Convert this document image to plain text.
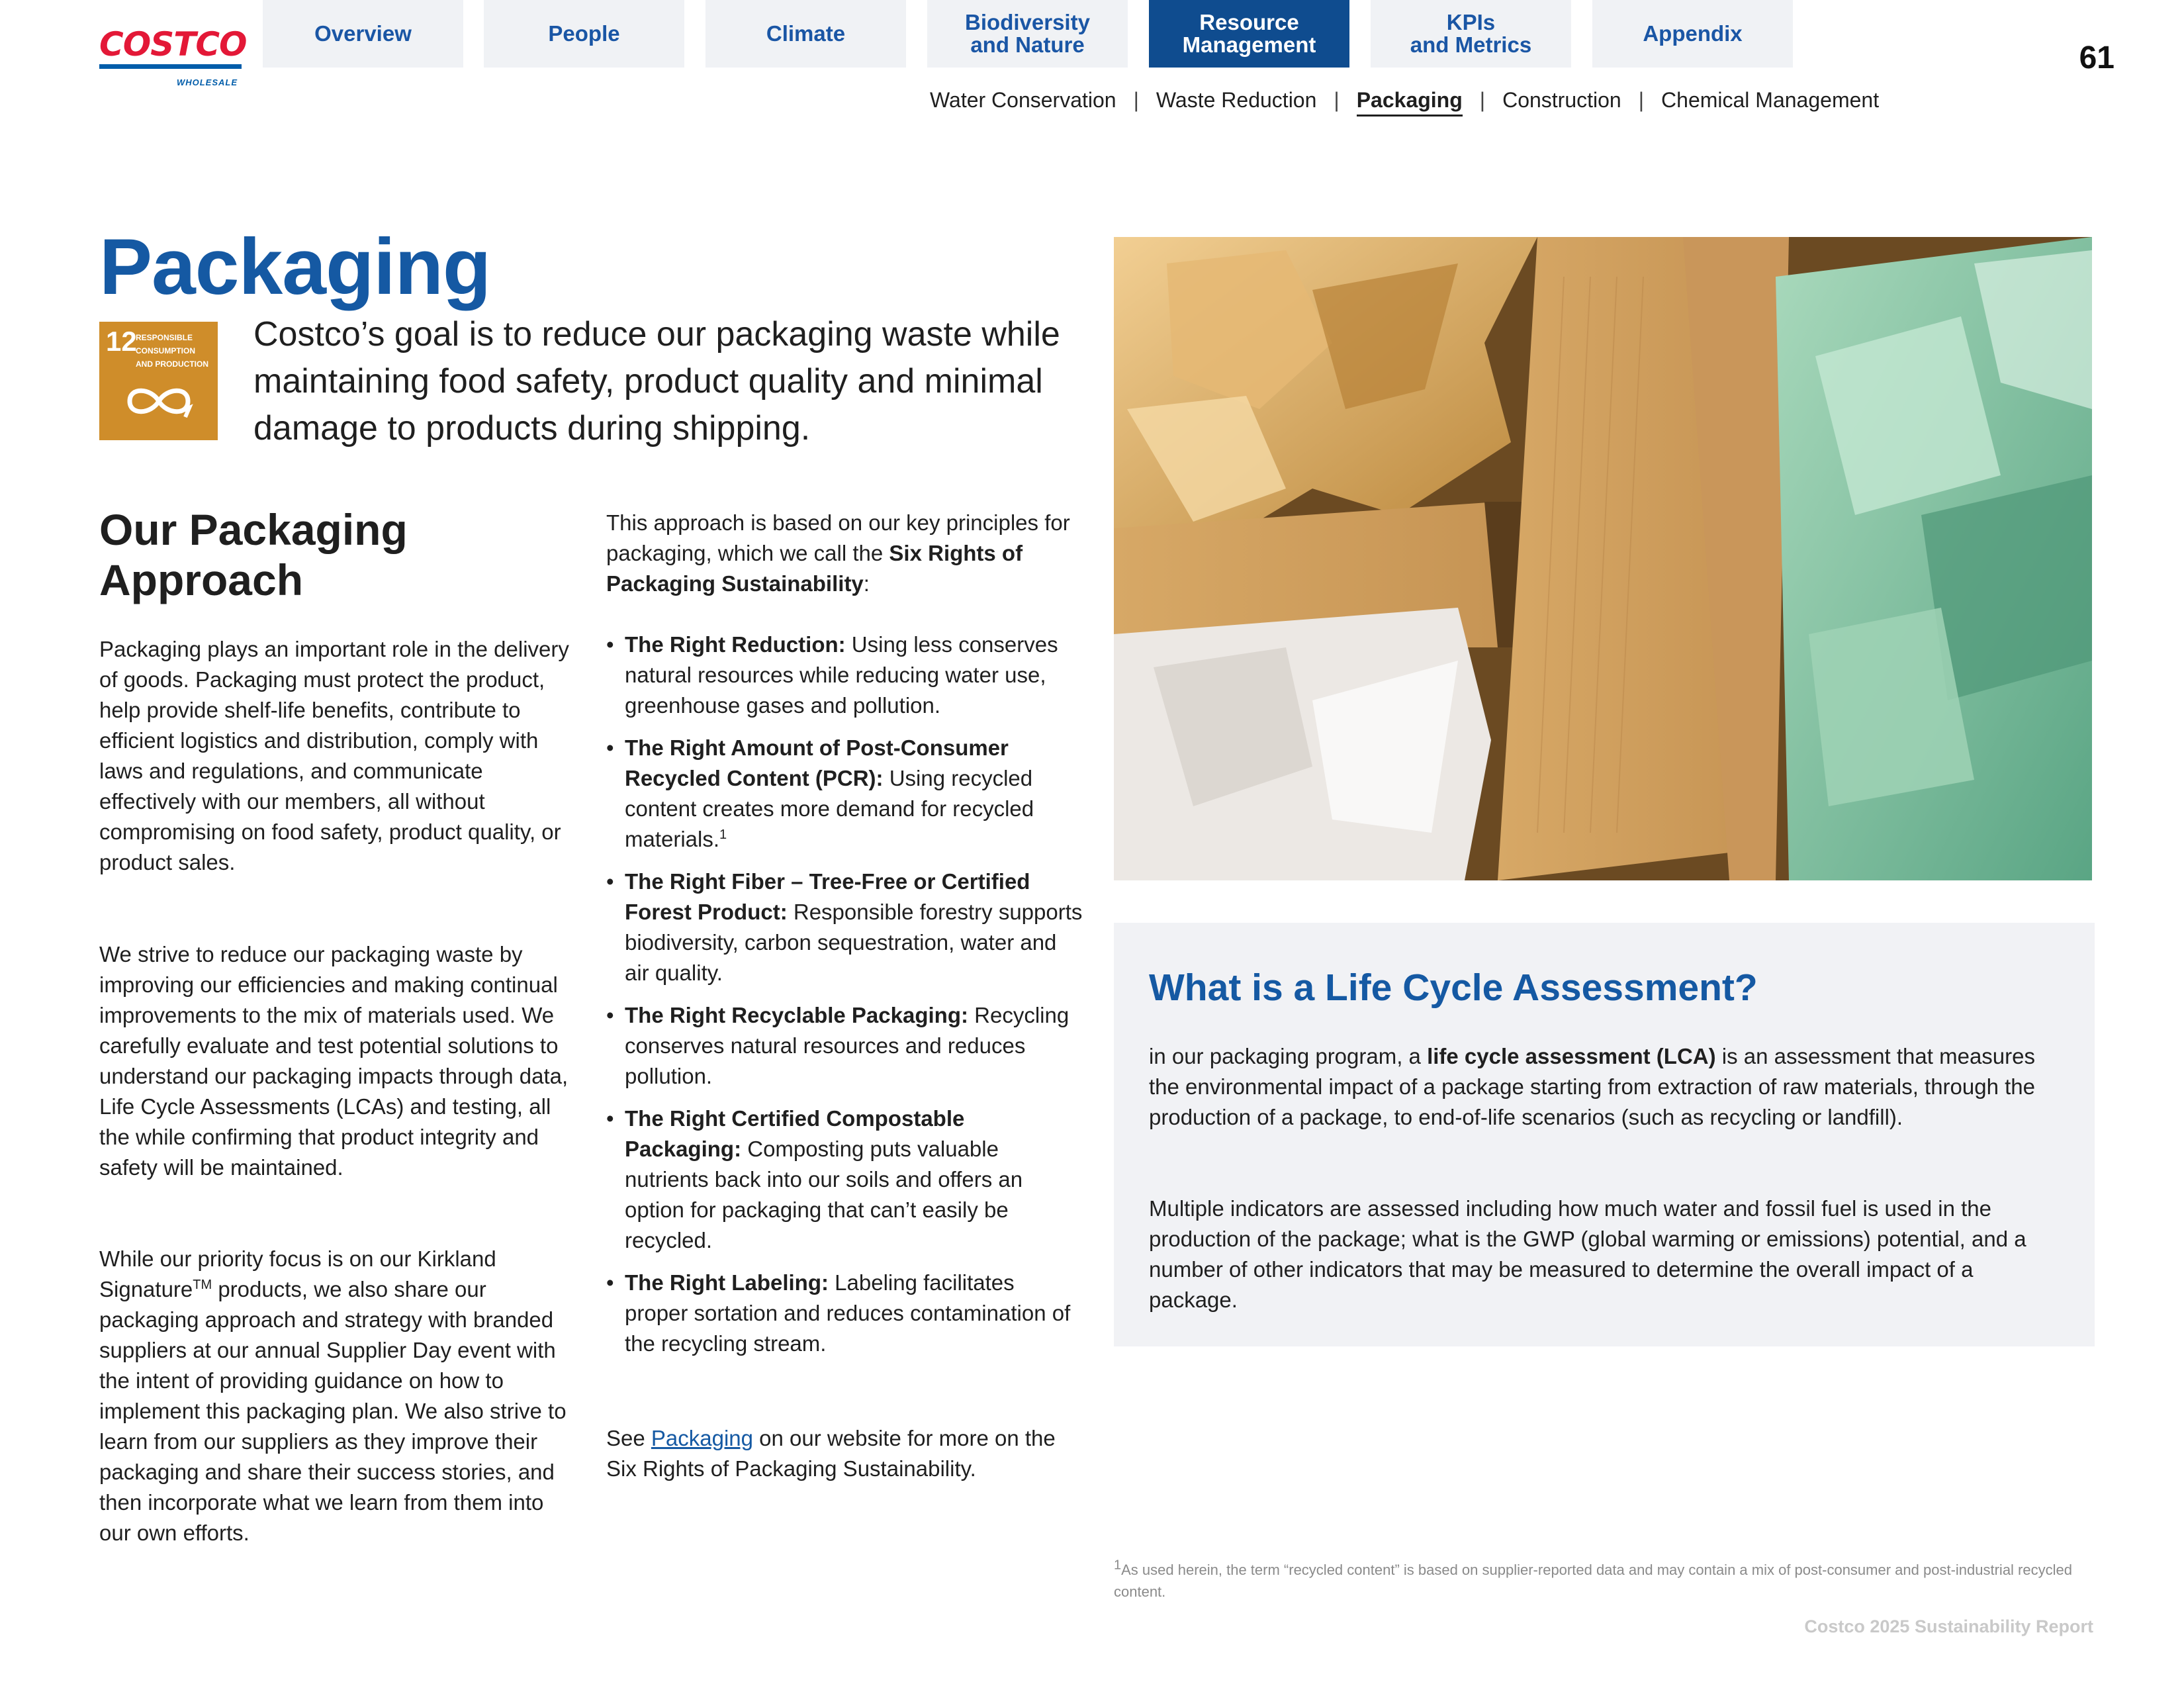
COSTCO
WHOLESALE
Overview	People	Climate	Biodiversity
and Nature
Resource
Management
KPIs
and Metrics	Appendix
61
Water Conservation | Waste Reduction | Packaging | Construction | Chemical Management
Packaging
12
RESPONSIBLE
CONSUMPTION
AND PRODUCTION
Costco’s goal is to reduce our packaging waste while maintaining food safety, product quality and minimal damage to products during shipping.
Our Packaging
Approach
Packaging plays an important role in the delivery of goods. Packaging must protect the product, help provide shelf-life benefits, contribute to efficient logistics and distribution, comply with laws and regulations, and communicate effectively with our members, all without compromising on food safety, product quality, or product sales.
We strive to reduce our packaging waste by improving our efficiencies and making continual improvements to the mix of materials used. We carefully evaluate and test potential solutions to understand our packaging impacts through data, Life Cycle Assessments (LCAs) and testing, all the while confirming that product integrity and safety will be maintained.
While our priority focus is on our Kirkland Signature™ products, we also share our packaging approach and strategy with branded suppliers at our annual Supplier Day event with the intent of providing guidance on how to implement this packaging plan. We also strive to learn from our suppliers as they improve their packaging and share their success stories, and then incorporate what we learn from them into our own efforts.
This approach is based on our key principles for packaging, which we call the Six Rights of Packaging Sustainability:
• The Right Reduction: Using less conserves natural resources while reducing water use, greenhouse gases and pollution.
• The Right Amount of Post-Consumer Recycled Content (PCR): Using recycled content creates more demand for recycled materials.$^1$
• The Right Fiber – Tree-Free or Certified Forest Product: Responsible forestry supports biodiversity, carbon sequestration, water and air quality.
• The Right Recyclable Packaging: Recycling conserves natural resources and reduces pollution.
• The Right Certified Compostable Packaging: Composting puts valuable nutrients back into our soils and offers an option for packaging that can’t easily be recycled.
• The Right Labeling: Labeling facilitates proper sortation and reduces contamination of the recycling stream.
See Packaging on our website for more on the Six Rights of Packaging Sustainability.
What is a Life Cycle Assessment?
in our packaging program, a life cycle assessment (LCA) is an assessment that measures the environmental impact of a package starting from extraction of raw materials, through the production of a package, to end-of-life scenarios (such as recycling or landfill).
Multiple indicators are assessed including how much water and fossil fuel is used in the production of the package; what is the GWP (global warming or emissions) potential, and a number of other indicators that may be measured to determine the overall impact of a package.
$^1$As used herein, the term “recycled content” is based on supplier-reported data and may contain a mix of post-consumer and post-industrial recycled content.
Costco 2025 Sustainability Report
